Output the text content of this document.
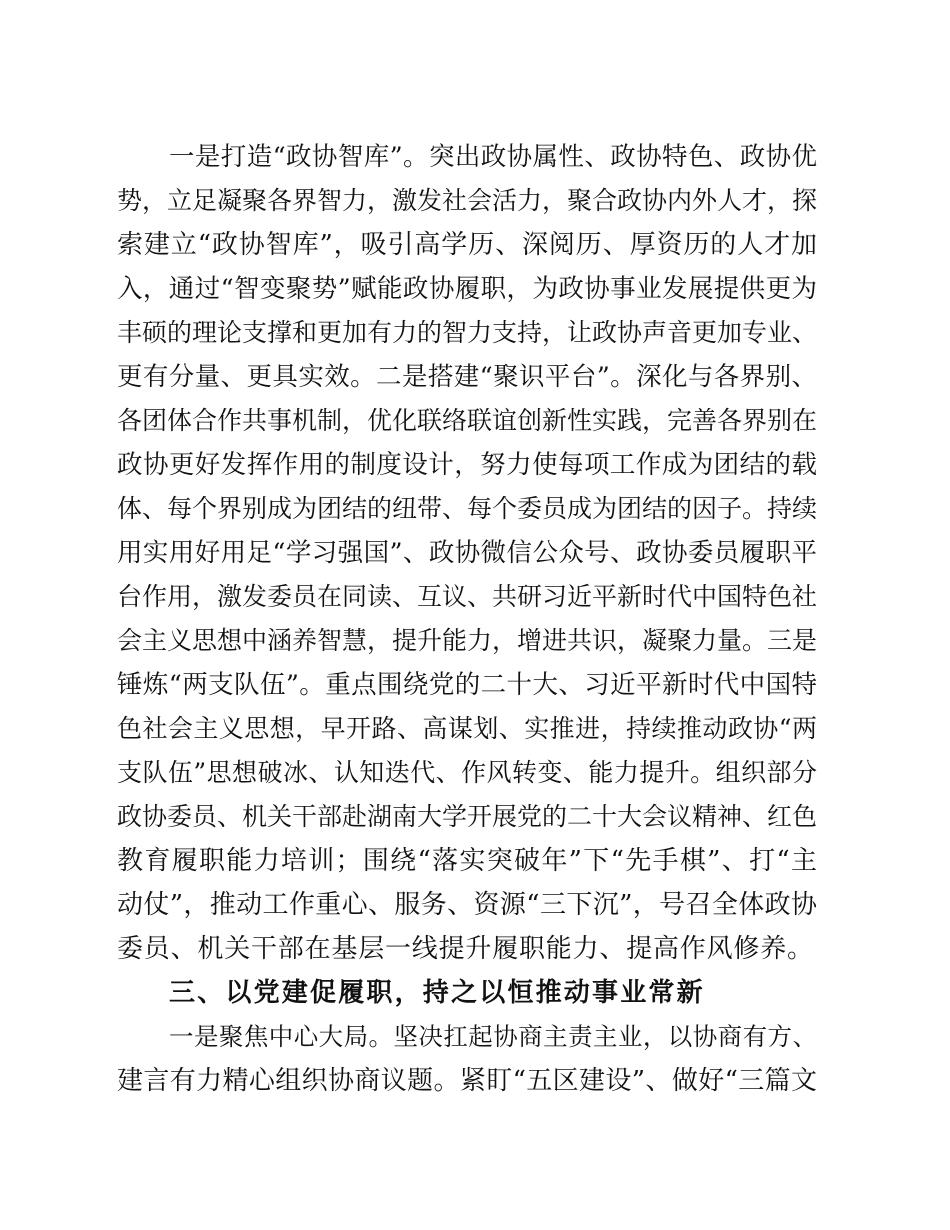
一是打造“政协智库”。突出政协属性、政协特色、政协优
势，立足凝聚各界智力，激发社会活力，聚合政协内外人才，探
索建立“政协智库”，吸引高学历、深阅历、厚资历的人才加
入，通过“智变聚势”赋能政协履职，为政协事业发展提供更为
丰硕的理论支撑和更加有力的智力支持，让政协声音更加专业、
更有分量、更具实效。二是搭建“聚识平台”。深化与各界别、
各团体合作共事机制，优化联络联谊创新性实践，完善各界别在
政协更好发挥作用的制度设计，努力使每项工作成为团结的载
体、每个界别成为团结的纽带、每个委员成为团结的因子。持续
用实用好用足“学习强国”、政协微信公众号、政协委员履职平
台作用，激发委员在同读、互议、共研习近平新时代中国特色社
会主义思想中涵养智慧，提升能力，增进共识，凝聚力量。三是
锤炼“两支队伍”。重点围绕党的二十大、习近平新时代中国特
色社会主义思想，早开路、高谋划、实推进，持续推动政协“两
支队伍”思想破冰、认知迭代、作风转变、能力提升。组织部分
政协委员、机关干部赴湖南大学开展党的二十大会议精神、红色
教育履职能力培训；围绕“落实突破年”下“先手棋”、打“主
动仗”，推动工作重心、服务、资源“三下沉”，号召全体政协
委员、机关干部在基层一线提升履职能力、提高作风修养。
三、以党建促履职，持之以恒推动事业常新
一是聚焦中心大局。坚决扛起协商主责主业，以协商有方、
建言有力精心组织协商议题。紧盯“五区建设”、做好“三篇文
